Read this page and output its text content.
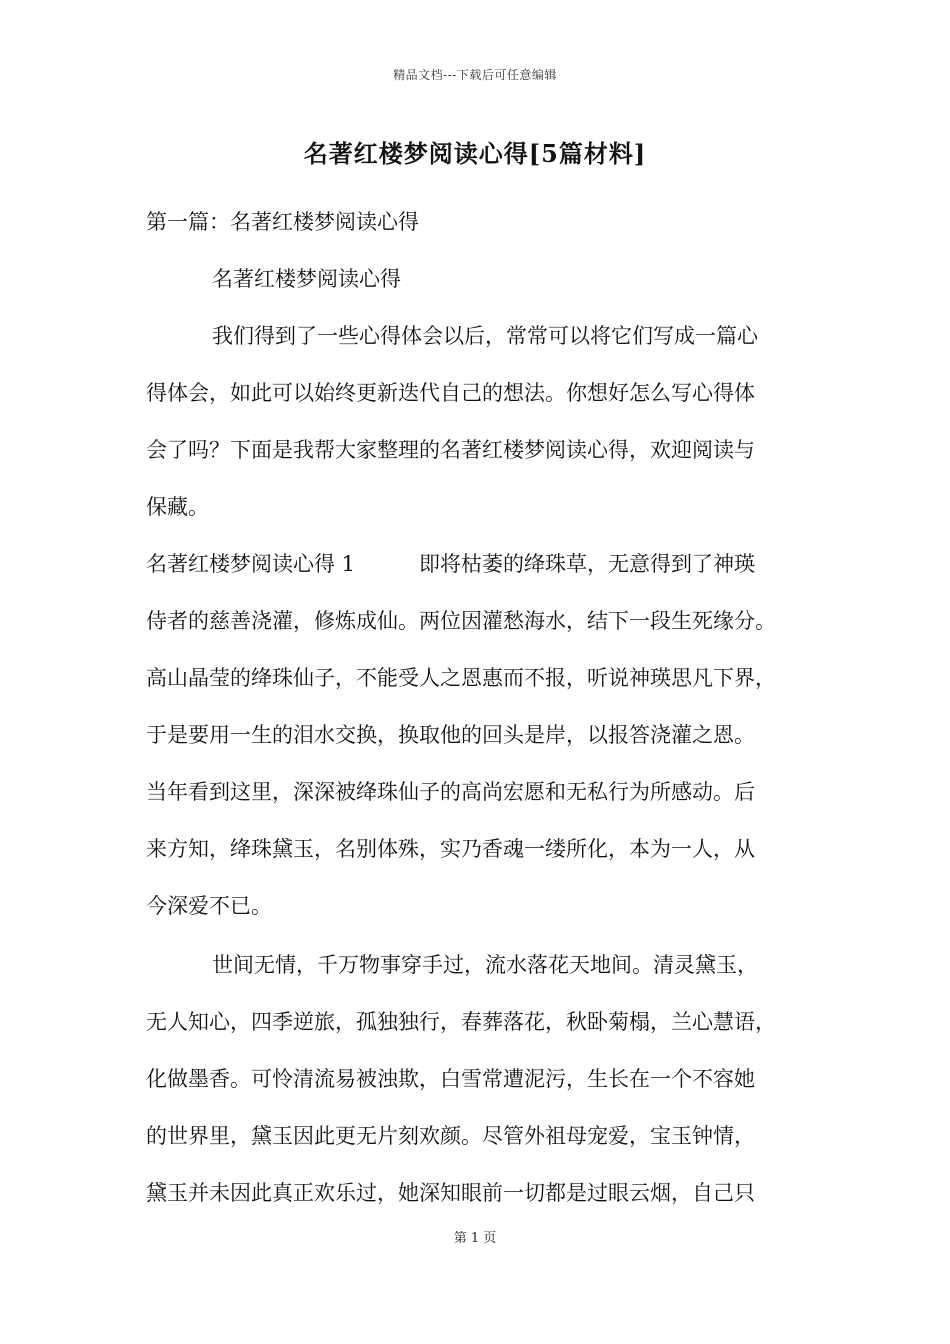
精品文档---下载后可任意编辑
名著红楼梦阅读心得[5篇材料]
第一篇：名著红楼梦阅读心得
名著红楼梦阅读心得
我们得到了一些心得体会以后，常常可以将它们写成一篇心
得体会，如此可以始终更新迭代自己的想法。你想好怎么写心得体
会了吗？下面是我帮大家整理的名著红楼梦阅读心得，欢迎阅读与
保藏。
名著红楼梦阅读心得 1	即将枯萎的绛珠草，无意得到了神瑛
侍者的慈善浇灌，修炼成仙。两位因灌愁海水，结下一段生死缘分。
高山晶莹的绛珠仙子，不能受人之恩惠而不报，听说神瑛思凡下界，
于是要用一生的泪水交换，换取他的回头是岸，以报答浇灌之恩。
当年看到这里，深深被绛珠仙子的高尚宏愿和无私行为所感动。后
来方知，绛珠黛玉，名别体殊，实乃香魂一缕所化，本为一人，从
今深爱不已。
世间无情，千万物事穿手过，流水落花天地间。清灵黛玉，
无人知心，四季逆旅，孤独独行，春葬落花，秋卧菊榻，兰心慧语，
化做墨香。可怜清流易被浊欺，白雪常遭泥污，生长在一个不容她
的世界里，黛玉因此更无片刻欢颜。尽管外祖母宠爱，宝玉钟情，
黛玉并未因此真正欢乐过，她深知眼前一切都是过眼云烟，自己只
第 1 页
